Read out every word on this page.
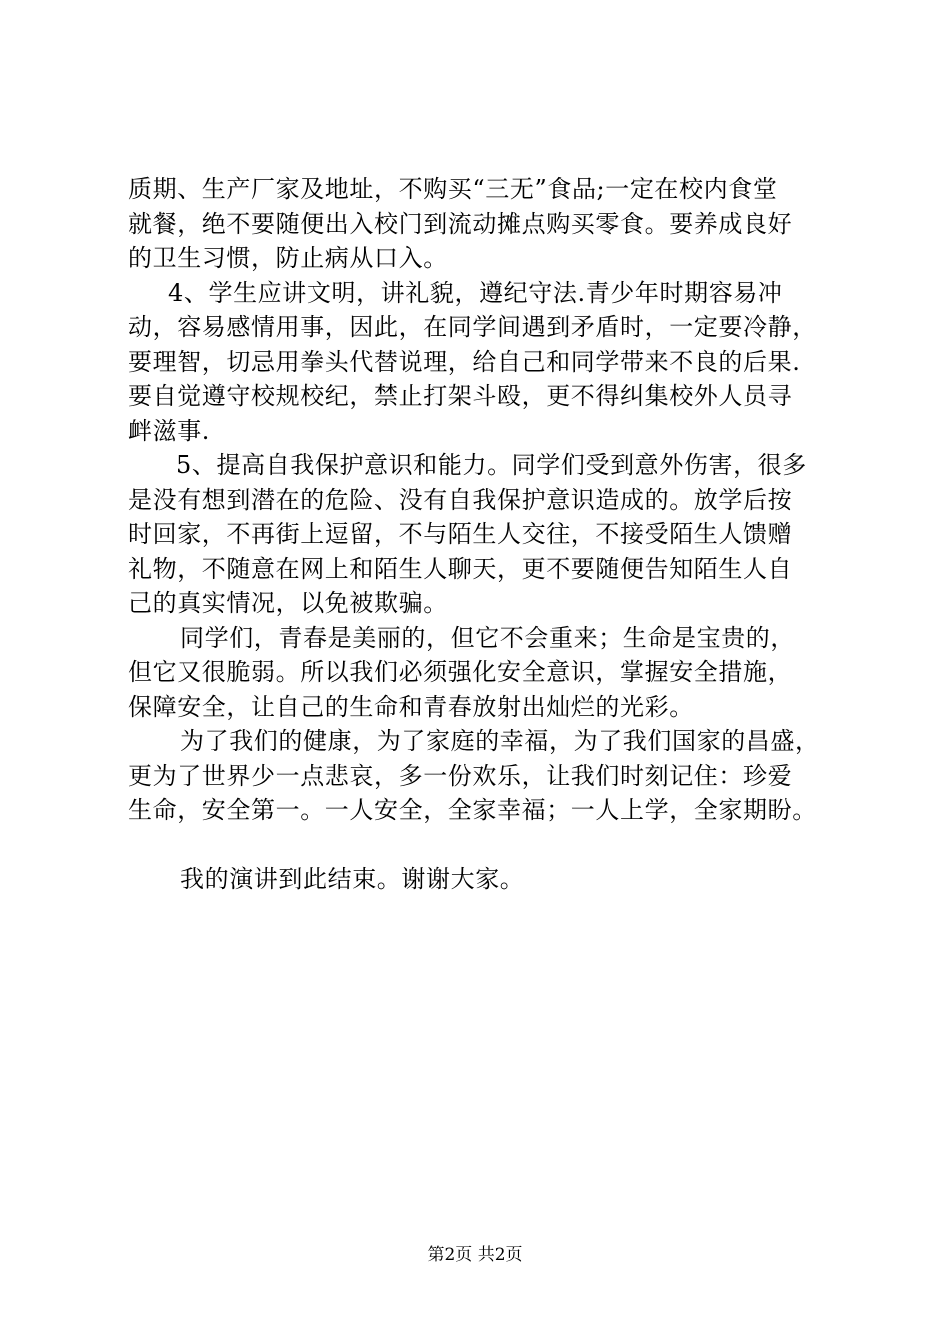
质期、生产厂家及地址，不购买“三无”食品;一定在校内食堂
就餐，绝不要随便出入校门到流动摊点购买零食。要养成良好
的卫生习惯，防止病从口入。
4、学生应讲文明，讲礼貌，遵纪守法.青少年时期容易冲
动，容易感情用事，因此，在同学间遇到矛盾时，一定要冷静，
要理智，切忌用拳头代替说理，给自己和同学带来不良的后果.
要自觉遵守校规校纪，禁止打架斗殴，更不得纠集校外人员寻
衅滋事.
5、提高自我保护意识和能力。同学们受到意外伤害，很多
是没有想到潜在的危险、没有自我保护意识造成的。放学后按
时回家，不再街上逗留，不与陌生人交往，不接受陌生人馈赠
礼物，不随意在网上和陌生人聊天，更不要随便告知陌生人自
己的真实情况，以免被欺骗。
同学们，青春是美丽的，但它不会重来；生命是宝贵的，
但它又很脆弱。所以我们必须强化安全意识，掌握安全措施，
保障安全，让自己的生命和青春放射出灿烂的光彩。
为了我们的健康，为了家庭的幸福，为了我们国家的昌盛，
更为了世界少一点悲哀，多一份欢乐，让我们时刻记住：珍爱
生命，安全第一。一人安全，全家幸福；一人上学，全家期盼。
我的演讲到此结束。谢谢大家。
第2页 共2页
